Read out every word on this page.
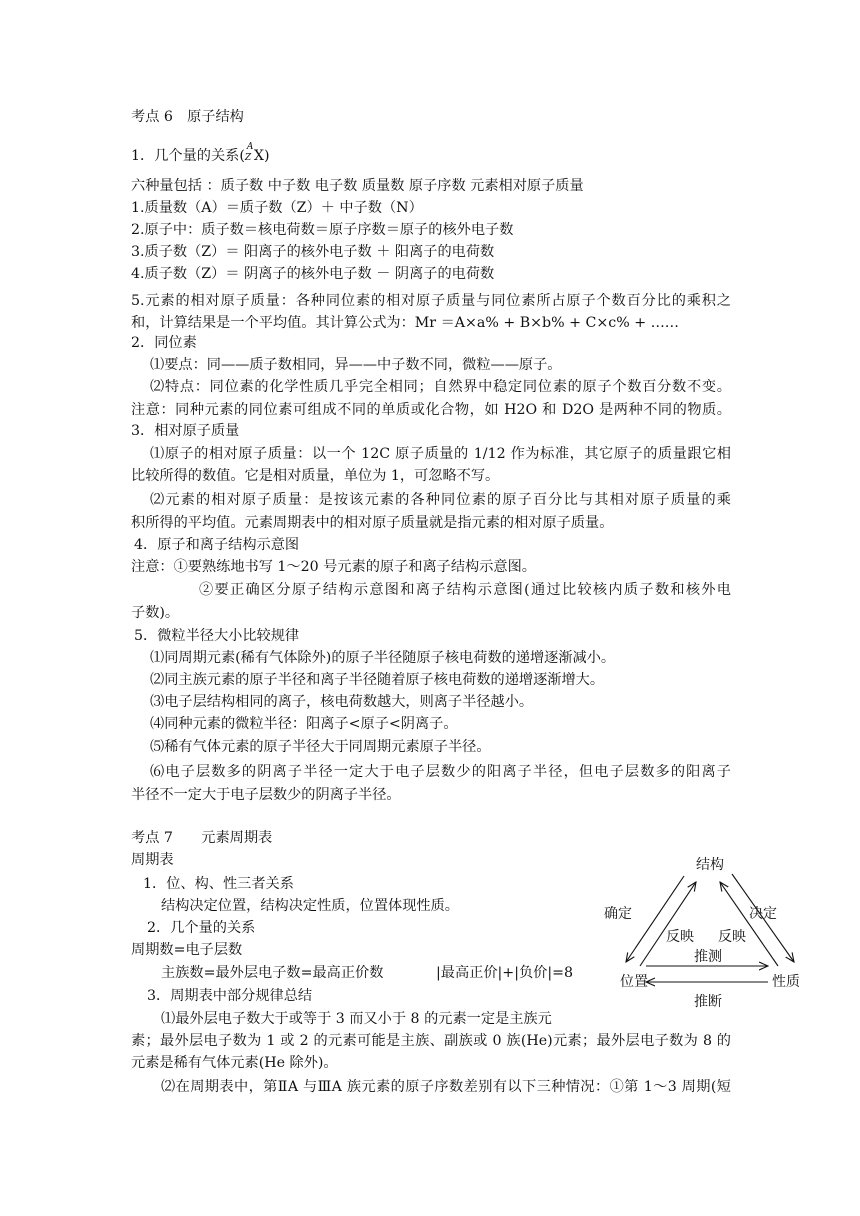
考点 6　原子结构
1．几个量的关系(
A
Z X)
六种量包括 ：质子数 中子数 电子数 质量数 原子序数 元素相对原子质量
1.质量数（A）＝质子数（Z）＋ 中子数（N）
2.原子中：质子数＝核电荷数＝原子序数＝原子的核外电子数
3.质子数（Z）＝ 阳离子的核外电子数 ＋ 阳离子的电荷数
4.质子数（Z）＝ 阴离子的核外电子数 － 阴离子的电荷数
5.元素的相对原子质量：各种同位素的相对原子质量与同位素所占原子个数百分比的乘积之
和，计算结果是一个平均值。其计算公式为：Mr ＝A×a% + B×b% + C×c% + ……
2．同位素
⑴要点：同——质子数相同，异——中子数不同，微粒——原子。
⑵特点：同位素的化学性质几乎完全相同；自然界中稳定同位素的原子个数百分数不变。
注意：同种元素的同位素可组成不同的单质或化合物，如 H2O 和 D2O 是两种不同的物质。
3．相对原子质量
⑴原子的相对原子质量：以一个 12C 原子质量的 1/12 作为标准，其它原子的质量跟它相
比较所得的数值。它是相对质量，单位为 1，可忽略不写。
⑵元素的相对原子质量：是按该元素的各种同位素的原子百分比与其相对原子质量的乘
积所得的平均值。元素周期表中的相对原子质量就是指元素的相对原子质量。
4．原子和离子结构示意图
注意：①要熟练地书写 1～20 号元素的原子和离子结构示意图。
②要正确区分原子结构示意图和离子结构示意图(通过比较核内质子数和核外电
子数)。
5．微粒半径大小比较规律
⑴同周期元素(稀有气体除外)的原子半径随原子核电荷数的递增逐渐减小。
⑵同主族元素的原子半径和离子半径随着原子核电荷数的递增逐渐增大。
⑶电子层结构相同的离子，核电荷数越大，则离子半径越小。
⑷同种元素的微粒半径：阳离子<原子<阴离子。
⑸稀有气体元素的原子半径大于同周期元素原子半径。
⑹电子层数多的阴离子半径一定大于电子层数少的阳离子半径，但电子层数多的阳离子
半径不一定大于电子层数少的阴离子半径。
考点 7　　元素周期表
周期表
1．位、构、性三者关系
结构决定位置，结构决定性质，位置体现性质。
2．几个量的关系
周期数=电子层数
主族数=最外层电子数=最高正价数	|最高正价|+|负价|=8
3．周期表中部分规律总结
⑴最外层电子数大于或等于 3 而又小于 8 的元素一定是主族元
素；最外层电子数为 1 或 2 的元素可能是主族、副族或 0 族(He)元素；最外层电子数为 8 的
元素是稀有气体元素(He 除外)。
⑵在周期表中，第ⅡA 与ⅢA 族元素的原子序数差别有以下三种情况：①第 1～3 周期(短
结构
位置	性质
确定	决定
反映 反映
推测
推断
